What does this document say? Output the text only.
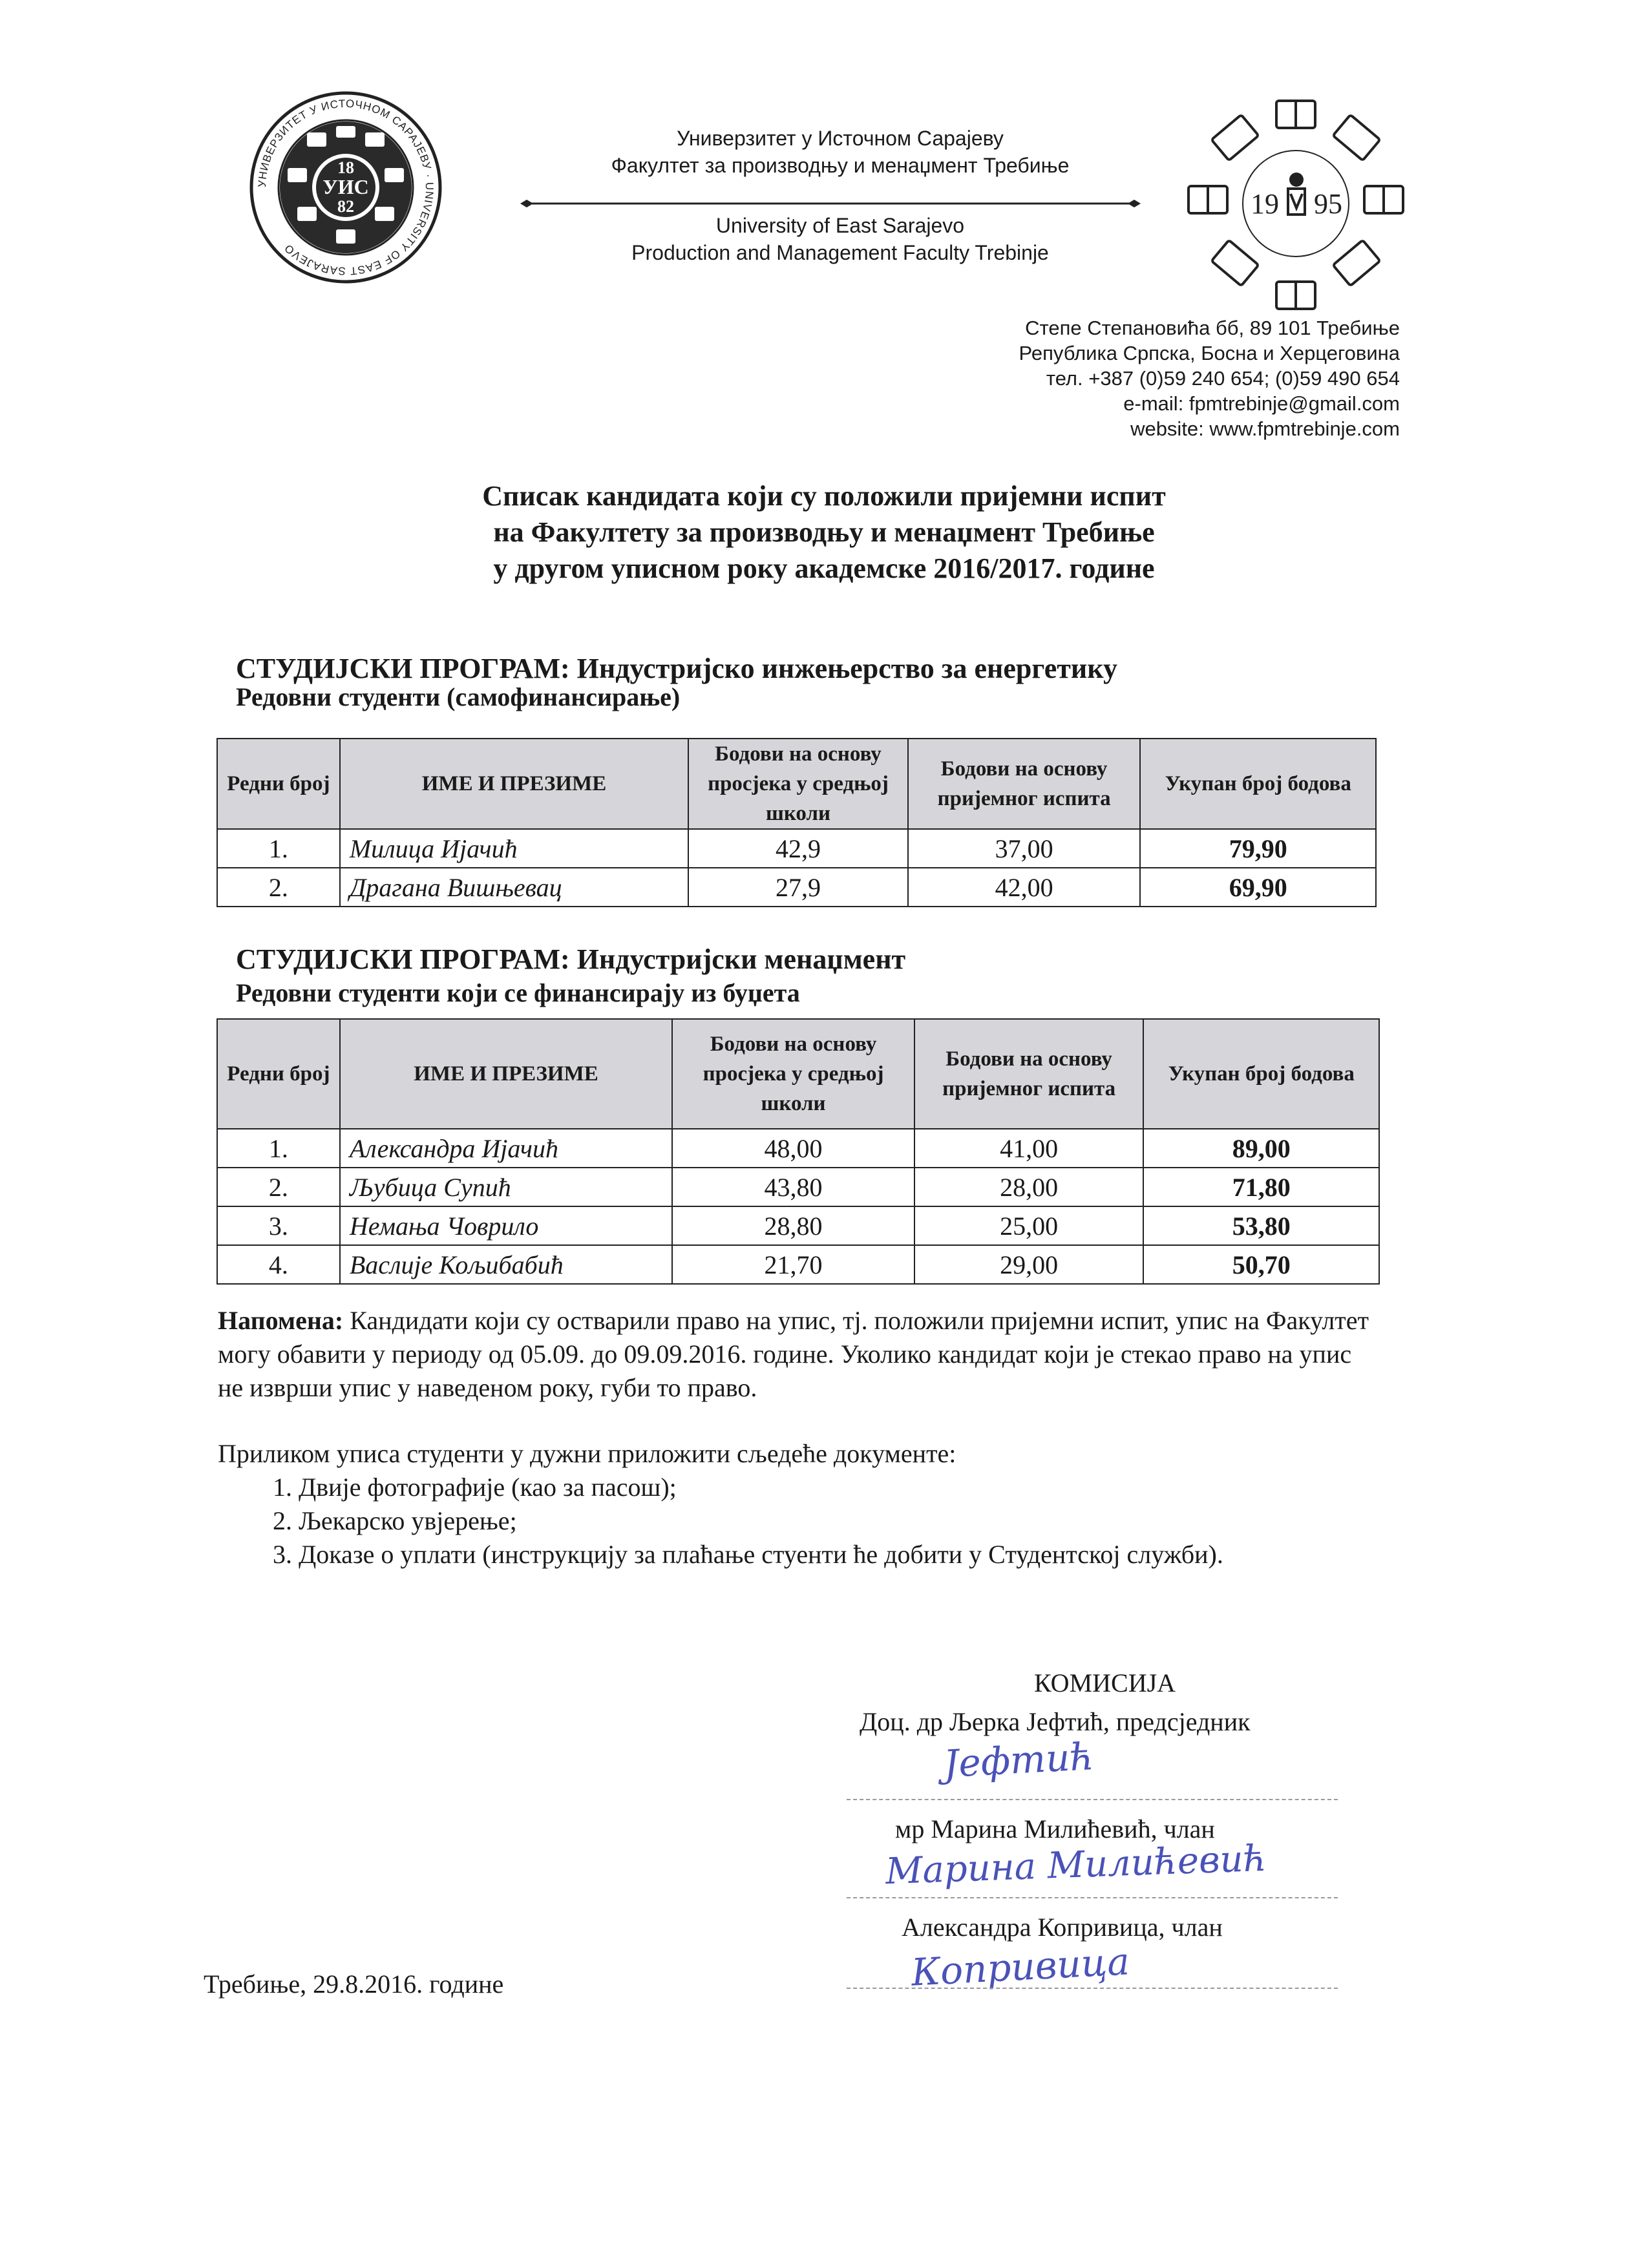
УНИВЕРЗИТЕТ У ИСТОЧНОМ САРАЈЕВУ · UNIVERSITY OF EAST SARAJEVO
18
УИС
82
Универзитет у Источном Сарајеву
Факултет за производњу и менаџмент Требиње
University of East Sarajevo
Production and Management Faculty Trebinje
19 95
Степе Степановића бб, 89 101 Требиње
Република Српска, Босна и Херцеговина
тел. +387 (0)59 240 654; (0)59 490 654
e-mail: fpmtrebinje@gmail.com
website: www.fpmtrebinje.com
Списак кандидата који су положили пријемни испит
на Факултету за производњу и менаџмент Требиње
у другом уписном року академске 2016/2017. године
СТУДИЈСКИ ПРОГРАМ: Индустријско инжењерство за енергетику
Редовни студенти (самофинансирање)
Редни број	ИМЕ И ПРЕЗИМЕ	Бодови на основу просјека у средњој школи	Бодови на основу пријемног испита	Укупан број бодова
1.	Милица Ијачић	42,9	37,00	79,90
2.	Драгана Вишњевац	27,9	42,00	69,90
СТУДИЈСКИ ПРОГРАМ: Индустријски менаџмент
Редовни студенти који се финансирају из буџета
Редни број	ИМЕ И ПРЕЗИМЕ	Бодови на основу просјека у средњој школи	Бодови на основу пријемног испита	Укупан број бодова
1.	Александра Ијачић	48,00	41,00	89,00
2.	Љубица Супић	43,80	28,00	71,80
3.	Немања Човрило	28,80	25,00	53,80
4.	Васлије Кољибабић	21,70	29,00	50,70
Напомена: Кандидати који су остварили право на упис, тј. положили пријемни испит, упис на Факултет могу обавити у периоду од 05.09. до 09.09.2016. године. Уколико кандидат који је стекао право на упис не изврши упис у наведеном року, губи то право.
Приликом уписа студенти у дужни приложити сљедеће документе:
1. Двије фотографије (као за пасош);
2. Љекарско увјерење;
3. Доказе о уплати (инструкцију за плаћање стуенти ће добити у Студентској служби).
КОМИСИЈА
Доц. др Љерка Јефтић, предсједник
Јефтић
мр Марина Милићевић, члан
Марина Милићевић
Александра Копривица, члан
Копривица
Требиње, 29.8.2016. године
